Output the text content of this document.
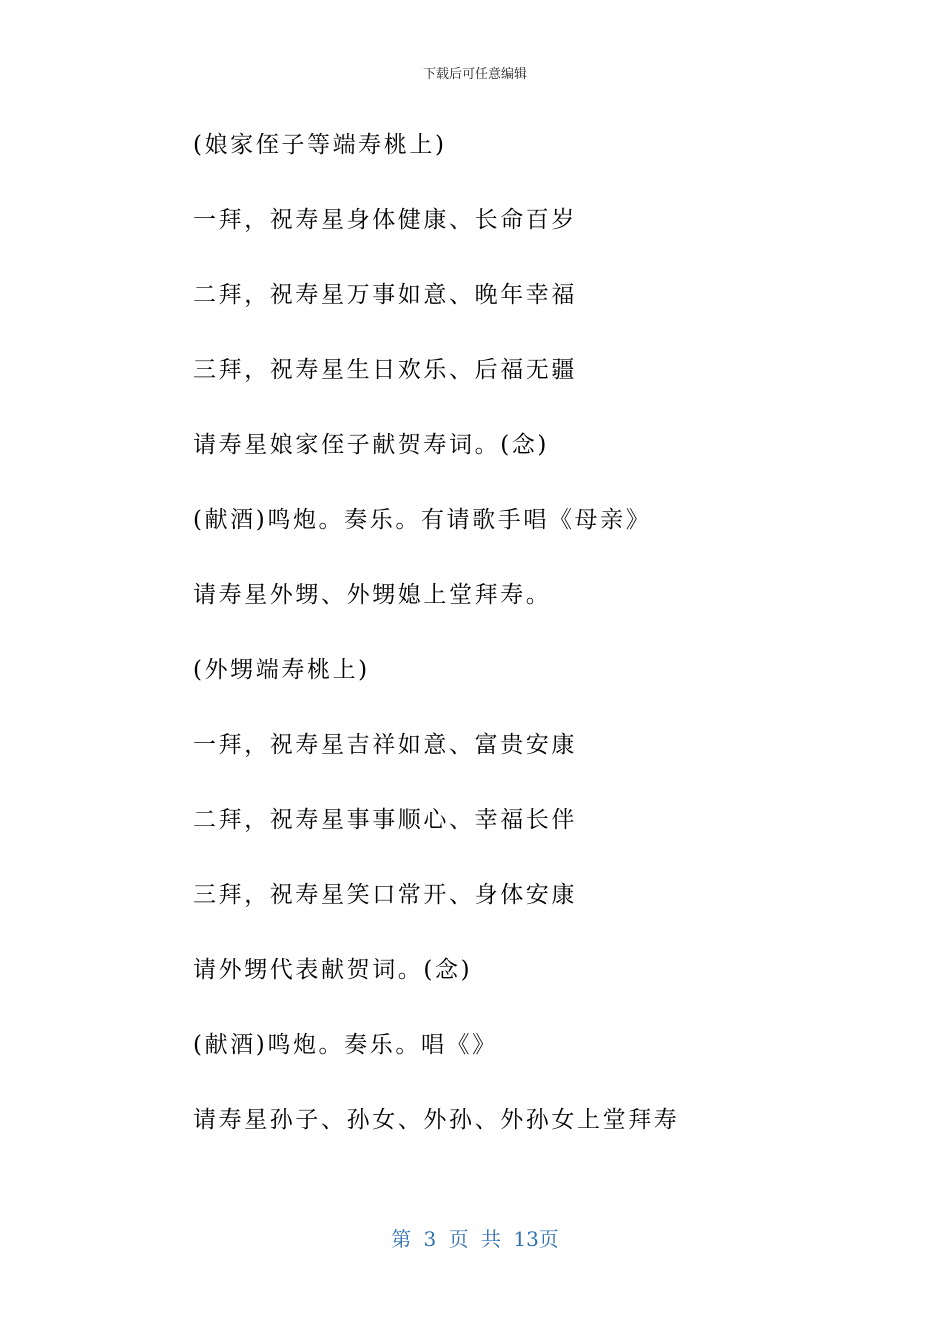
下载后可任意编辑
(娘家侄子等端寿桃上)
一拜，祝寿星身体健康、长命百岁
二拜，祝寿星万事如意、晚年幸福
三拜，祝寿星生日欢乐、后福无疆
请寿星娘家侄子献贺寿词。(念)
(献酒)鸣炮。奏乐。有请歌手唱《母亲》
请寿星外甥、外甥媳上堂拜寿。
(外甥端寿桃上)
一拜，祝寿星吉祥如意、富贵安康
二拜，祝寿星事事顺心、幸福长伴
三拜，祝寿星笑口常开、身体安康
请外甥代表献贺词。(念)
(献酒)鸣炮。奏乐。唱《》
请寿星孙子、孙女、外孙、外孙女上堂拜寿
第 3 页 共 13页
